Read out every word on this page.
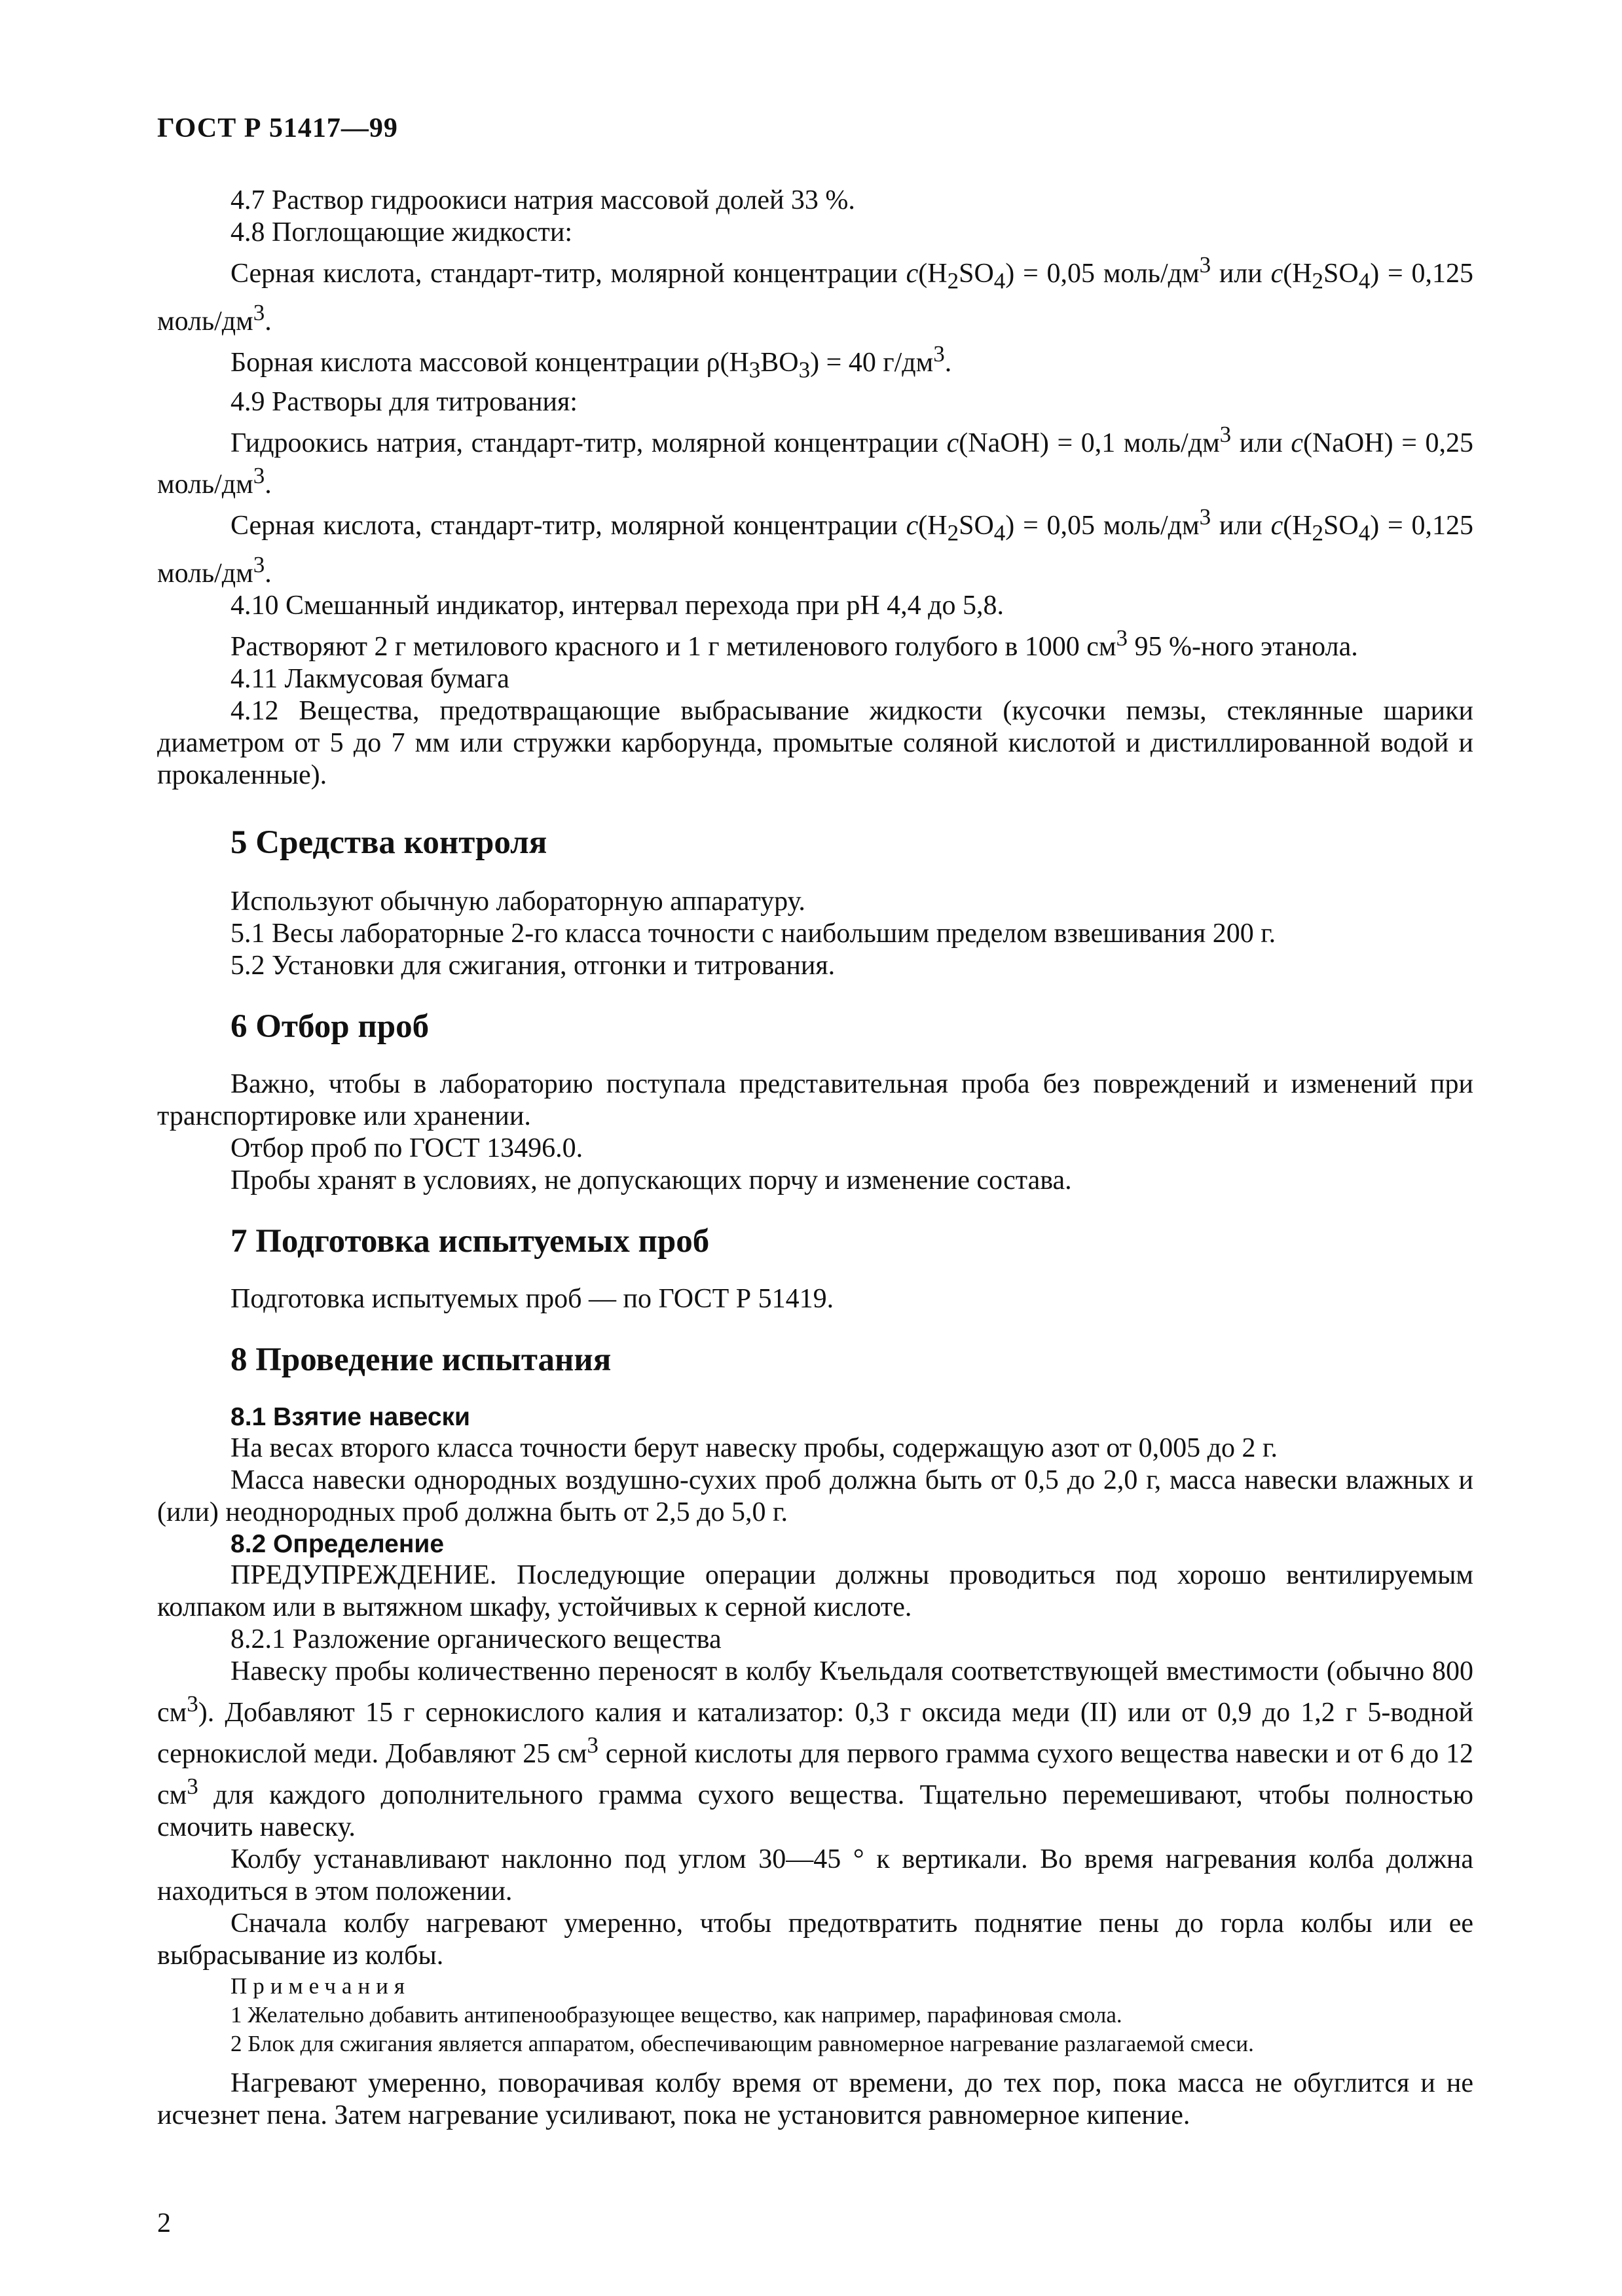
ГОСТ Р 51417—99

4.7 Раствор гидроокиси натрия массовой долей 33 %.

4.8 Поглощающие жидкости:

Серная кислота, стандарт-титр, молярной концентрации $c(H_2SO_4) = 0,05$ моль/$дм^3$ или $c(H_2SO_4) = 0,125$ моль/$дм^3$.

Борная кислота массовой концентрации $\rho(H_3BO_3) = 40$ $г/дм^3$.

4.9 Растворы для титрования:

Гидроокись натрия, стандарт-титр, молярной концентрации c(NaOH) = 0,1 моль/$дм^3$ или c(NaOH) = 0,25 моль/$дм^3$.

Серная кислота, стандарт-титр, молярной концентрации $c(H_2SO_4) = 0,05$ моль/$дм^3$ или $c(H_2SO_4) = 0,125$ моль/$дм^3$.

4.10 Смешанный индикатор, интервал перехода при pH 4,4 до 5,8.

Растворяют 2 г метилового красного и 1 г метиленового голубого в 1000 $см^3$ 95 %-ного этанола.

4.11 Лакмусовая бумага

4.12 Вещества, предотвращающие выбрасывание жидкости (кусочки пемзы, стеклянные шарики диаметром от 5 до 7 мм или стружки карборунда, промытые соляной кислотой и дистиллированной водой и прокаленные).

5 Средства контроля

Используют обычную лабораторную аппаратуру.

5.1 Весы лабораторные 2-го класса точности с наибольшим пределом взвешивания 200 г.

5.2 Установки для сжигания, отгонки и титрования.

6 Отбор проб

Важно, чтобы в лабораторию поступала представительная проба без повреждений и изменений при транспортировке или хранении.

Отбор проб по ГОСТ 13496.0.

Пробы хранят в условиях, не допускающих порчу и изменение состава.

7 Подготовка испытуемых проб

Подготовка испытуемых проб — по ГОСТ Р 51419.

8 Проведение испытания
8.1 Взятие навески

На весах второго класса точности берут навеску пробы, содержащую азот от 0,005 до 2 г.

Масса навески однородных воздушно-сухих проб должна быть от 0,5 до 2,0 г, масса навески влажных и (или) неоднородных проб должна быть от 2,5 до 5,0 г.

8.2 Определение

ПРЕДУПРЕЖДЕНИЕ. Последующие операции должны проводиться под хорошо вентилируемым колпаком или в вытяжном шкафу, устойчивых к серной кислоте.

8.2.1 Разложение органического вещества

Навеску пробы количественно переносят в колбу Къельдаля соответствующей вместимости (обычно 800 $см^3$). Добавляют 15 г сернокислого калия и катализатор: 0,3 г оксида меди (II) или от 0,9 до 1,2 г 5-водной сернокислой меди. Добавляют 25 $см^3$ серной кислоты для первого грамма сухого вещества навески и от 6 до 12 $см^3$ для каждого дополнительного грамма сухого вещества. Тщательно перемешивают, чтобы полностью смочить навеску.

Колбу устанавливают наклонно под углом 30—45 ° к вертикали. Во время нагревания колба должна находиться в этом положении.

Сначала колбу нагревают умеренно, чтобы предотвратить поднятие пены до горла колбы или ее выбрасывание из колбы.

Примечания

1 Желательно добавить антипенообразующее вещество, как например, парафиновая смола.

2 Блок для сжигания является аппаратом, обеспечивающим равномерное нагревание разлагаемой смеси.

Нагревают умеренно, поворачивая колбу время от времени, до тех пор, пока масса не обуглится и не исчезнет пена. Затем нагревание усиливают, пока не установится равномерное кипение.

2
